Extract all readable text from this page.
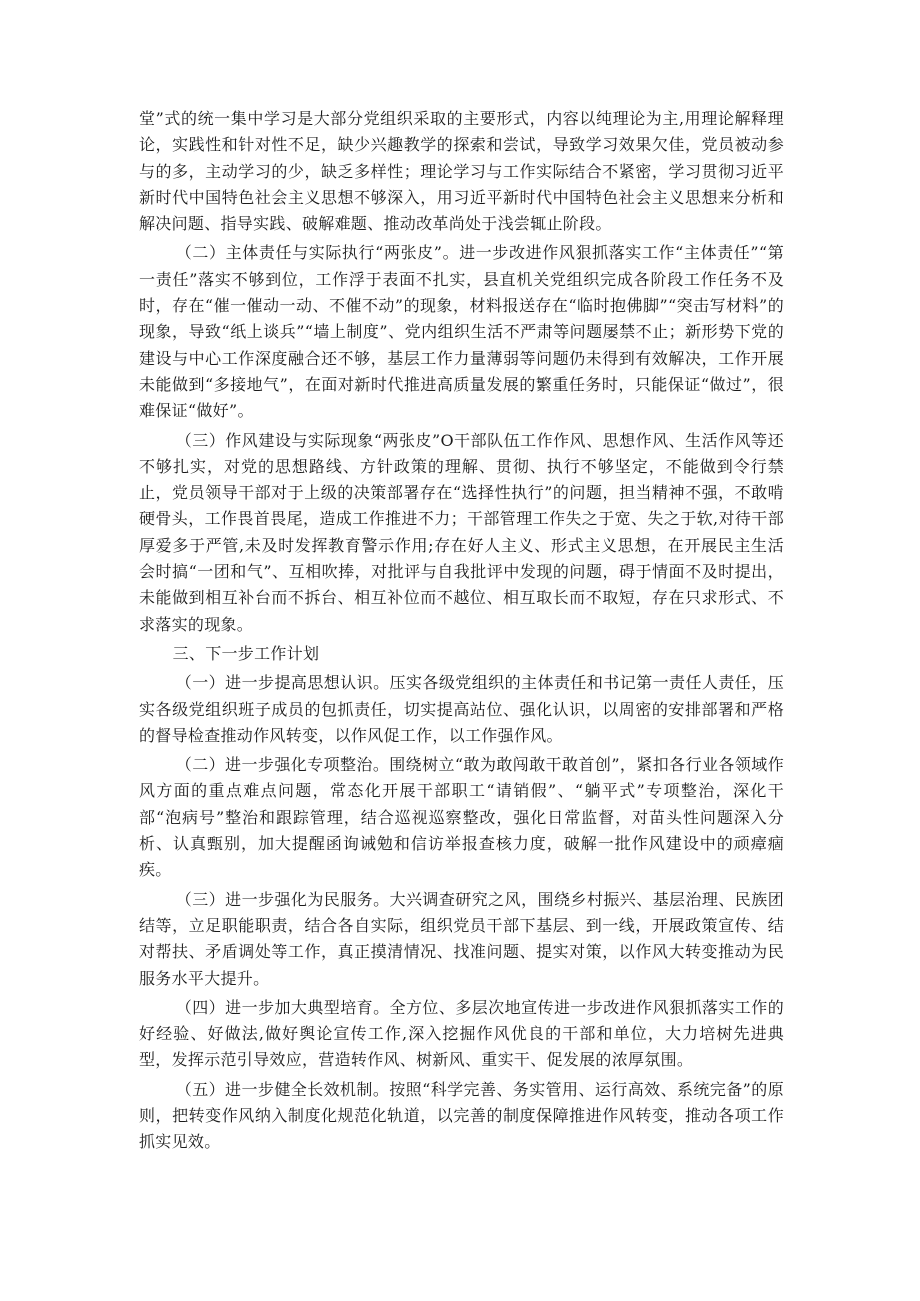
堂”式的统一集中学习是大部分党组织采取的主要形式，内容以纯理论为主,用理论解释理论，实践性和针对性不足，缺少兴趣教学的探索和尝试，导致学习效果欠佳，党员被动参与的多，主动学习的少，缺乏多样性；理论学习与工作实际结合不紧密，学习贯彻习近平新时代中国特色社会主义思想不够深入，用习近平新时代中国特色社会主义思想来分析和解决问题、指导实践、破解难题、推动改革尚处于浅尝辄止阶段。

（二）主体责任与实际执行“两张皮”。进一步改进作风狠抓落实工作“主体责任”“第一责任”落实不够到位，工作浮于表面不扎实，县直机关党组织完成各阶段工作任务不及时，存在“催一催动一动、不催不动”的现象，材料报送存在“临时抱佛脚”“突击写材料”的现象，导致“纸上谈兵”“墙上制度”、党内组织生活不严肃等问题屡禁不止；新形势下党的建设与中心工作深度融合还不够，基层工作力量薄弱等问题仍未得到有效解决，工作开展未能做到“多接地气”，在面对新时代推进高质量发展的繁重任务时，只能保证“做过”，很难保证“做好”。

（三）作风建设与实际现象“两张皮”O干部队伍工作作风、思想作风、生活作风等还不够扎实，对党的思想路线、方针政策的理解、贯彻、执行不够坚定，不能做到令行禁止，党员领导干部对于上级的决策部署存在“选择性执行”的问题，担当精神不强，不敢啃硬骨头，工作畏首畏尾，造成工作推进不力；干部管理工作失之于宽、失之于软,对待干部厚爱多于严管,未及时发挥教育警示作用;存在好人主义、形式主义思想，在开展民主生活会时搞“一团和气”、互相吹捧，对批评与自我批评中发现的问题，碍于情面不及时提出，未能做到相互补台而不拆台、相互补位而不越位、相互取长而不取短，存在只求形式、不求落实的现象。

三、下一步工作计划

（一）进一步提高思想认识。压实各级党组织的主体责任和书记第一责任人责任，压实各级党组织班子成员的包抓责任，切实提高站位、强化认识，以周密的安排部署和严格的督导检查推动作风转变，以作风促工作，以工作强作风。

（二）进一步强化专项整治。围绕树立“敢为敢闯敢干敢首创”，紧扣各行业各领域作风方面的重点难点问题，常态化开展干部职工“请销假”、“躺平式”专项整治，深化干部“泡病号”整治和跟踪管理，结合巡视巡察整改，强化日常监督，对苗头性问题深入分析、认真甄别，加大提醒函询诫勉和信访举报查核力度，破解一批作风建设中的顽瘴痼疾。

（三）进一步强化为民服务。大兴调查研究之风，围绕乡村振兴、基层治理、民族团结等，立足职能职责，结合各自实际，组织党员干部下基层、到一线，开展政策宣传、结对帮扶、矛盾调处等工作，真正摸清情况、找准问题、提实对策，以作风大转变推动为民服务水平大提升。

（四）进一步加大典型培育。全方位、多层次地宣传进一步改进作风狠抓落实工作的好经验、好做法,做好舆论宣传工作,深入挖掘作风优良的干部和单位，大力培树先进典型，发挥示范引导效应，营造转作风、树新风、重实干、促发展的浓厚氛围。

（五）进一步健全长效机制。按照“科学完善、务实管用、运行高效、系统完备”的原则，把转变作风纳入制度化规范化轨道，以完善的制度保障推进作风转变，推动各项工作抓实见效。
